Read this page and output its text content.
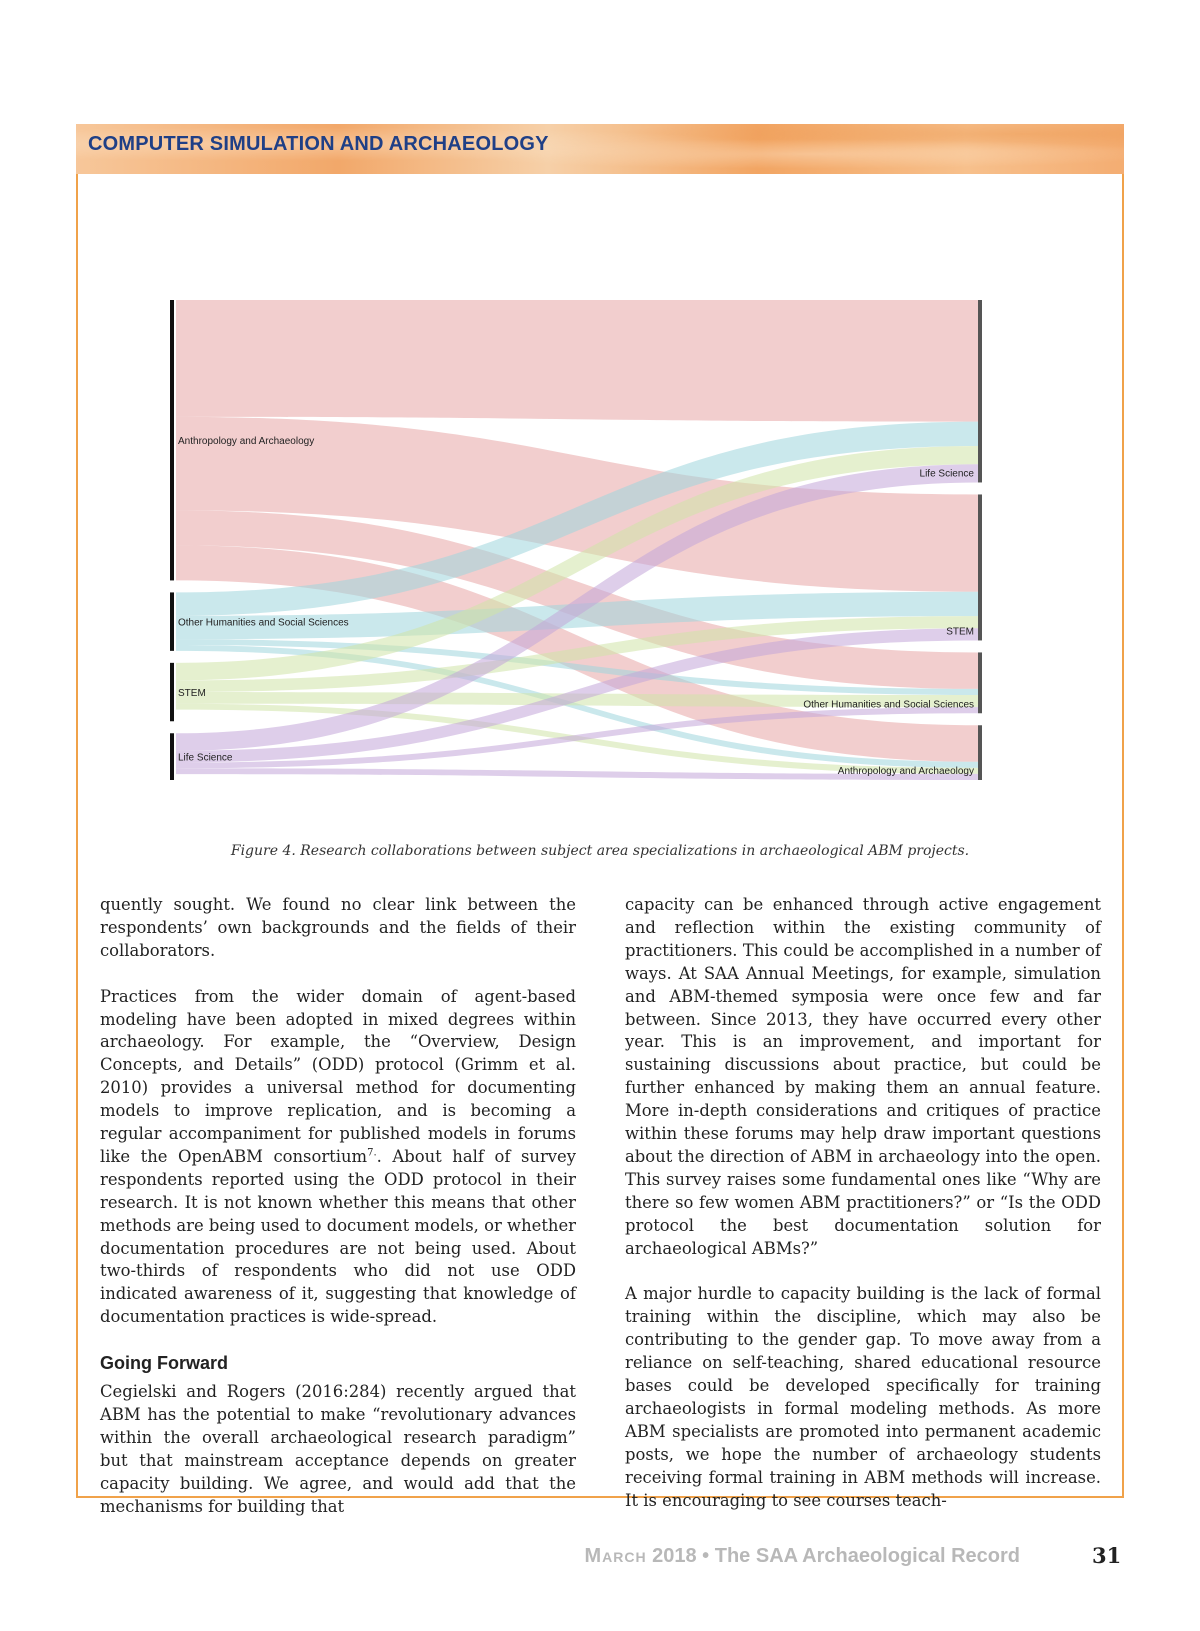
COMPUTER SIMULATION AND ARCHAEOLOGY
Anthropology and Archaeology
Other Humanities and Social Sciences
STEM
Life Science
Life Science
STEM
Other Humanities and Social Sciences
Anthropology and Archaeology
Figure 4. Research collaborations between subject area specializations in archaeological ABM projects.

quently sought. We found no clear link between the respondents’ own backgrounds and the fields of their collaborators.

Practices from the wider domain of agent-based modeling have been adopted in mixed degrees within archaeology. For example, the “Overview, Design Concepts, and Details” (ODD) protocol (Grimm et al. 2010) provides a universal method for documenting models to improve replication, and is becoming a regular accompaniment for published models in forums like the OpenABM consortium$^{7.}$. About half of survey respondents reported using the ODD protocol in their research. It is not known whether this means that other methods are being used to document models, or whether documentation procedures are not being used. About two-thirds of respondents who did not use ODD indicated awareness of it, suggesting that knowledge of documentation practices is wide-spread.

Going Forward

Cegielski and Rogers (2016:284) recently argued that ABM has the potential to make “revolutionary advances within the overall archaeological research paradigm” but that mainstream acceptance depends on greater capacity building. We agree, and would add that the mechanisms for building that

capacity can be enhanced through active engagement and reflection within the existing community of practitioners. This could be accomplished in a number of ways. At SAA Annual Meetings, for example, simulation and ABM-themed symposia were once few and far between. Since 2013, they have occurred every other year. This is an improvement, and important for sustaining discussions about practice, but could be further enhanced by making them an annual feature. More in-depth considerations and critiques of practice within these forums may help draw important questions about the direction of ABM in archaeology into the open. This survey raises some fundamental ones like “Why are there so few women ABM practitioners?” or “Is the ODD protocol the best documentation solution for archaeological ABMs?”

A major hurdle to capacity building is the lack of formal training within the discipline, which may also be contributing to the gender gap. To move away from a reliance on self-teaching, shared educational resource bases could be developed specifically for training archaeologists in formal modeling methods. As more ABM specialists are promoted into permanent academic posts, we hope the number of archaeology students receiving formal training in ABM methods will increase. It is encouraging to see courses teach-

March 2018 • The SAA Archaeological Record	31
